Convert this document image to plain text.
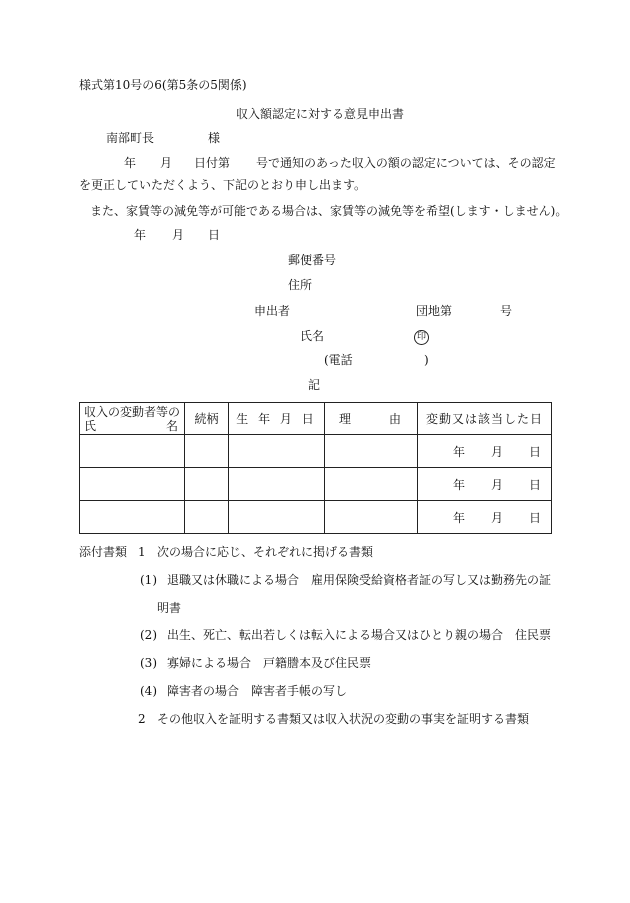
様式第10号の6(第5条の5関係)
収入額認定に対する意見申出書
南部町長	様
年 月 日付第 号で通知のあった収入の額の認定については、その認定
を更正していただくよう、下記のとおり申し出ます。
また、家賃等の減免等が可能である場合は、家賃等の減免等を希望(します・しません)。
年 月 日
郵便番号
住所
申出者	団地第	号
氏名	印
(電話	)
記
収入の変動者等の
氏 名	続柄	生 年 月 日	理 由	変動又は該当した日
				年 月 日
				年 月 日
				年 月 日
添付書類 1 次の場合に応じ、それぞれに掲げる書類
(1) 退職又は休職による場合　雇用保険受給資格者証の写し又は勤務先の証
明書
(2) 出生、死亡、転出若しくは転入による場合又はひとり親の場合　住民票
(3) 寡婦による場合　戸籍謄本及び住民票
(4) 障害者の場合　障害者手帳の写し
2 その他収入を証明する書類又は収入状況の変動の事実を証明する書類
